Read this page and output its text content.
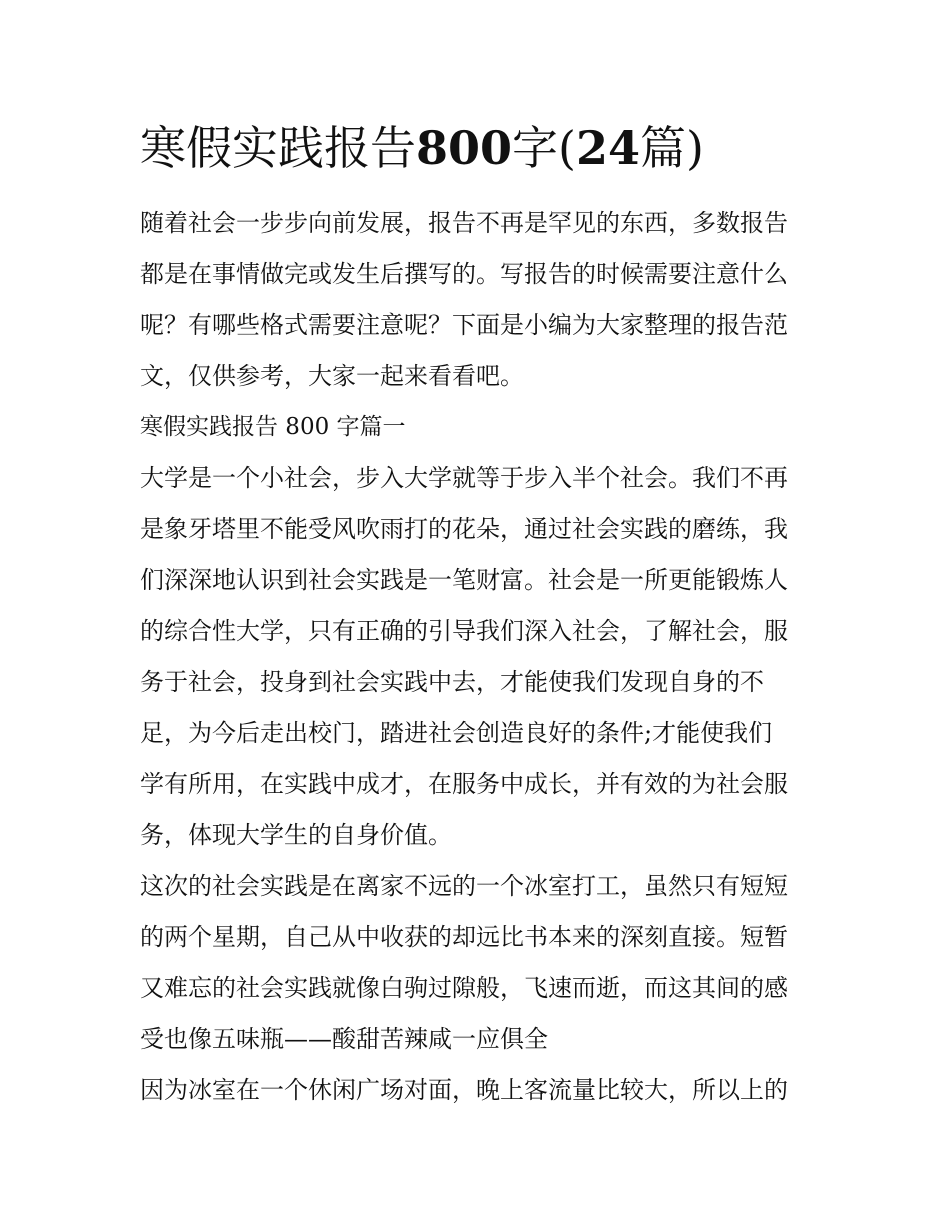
寒假实践报告800字(24篇)
随着社会一步步向前发展，报告不再是罕见的东西，多数报告
都是在事情做完或发生后撰写的。写报告的时候需要注意什么
呢？有哪些格式需要注意呢？下面是小编为大家整理的报告范
文，仅供参考，大家一起来看看吧。
寒假实践报告 800 字篇一
大学是一个小社会，步入大学就等于步入半个社会。我们不再
是象牙塔里不能受风吹雨打的花朵，通过社会实践的磨练，我
们深深地认识到社会实践是一笔财富。社会是一所更能锻炼人
的综合性大学，只有正确的引导我们深入社会，了解社会，服
务于社会，投身到社会实践中去，才能使我们发现自身的不
足，为今后走出校门，踏进社会创造良好的条件;才能使我们
学有所用，在实践中成才，在服务中成长，并有效的为社会服
务，体现大学生的自身价值。
这次的社会实践是在离家不远的一个冰室打工，虽然只有短短
的两个星期，自己从中收获的却远比书本来的深刻直接。短暂
又难忘的社会实践就像白驹过隙般，飞速而逝，而这其间的感
受也像五味瓶——酸甜苦辣咸一应俱全
因为冰室在一个休闲广场对面，晚上客流量比较大，所以上的
